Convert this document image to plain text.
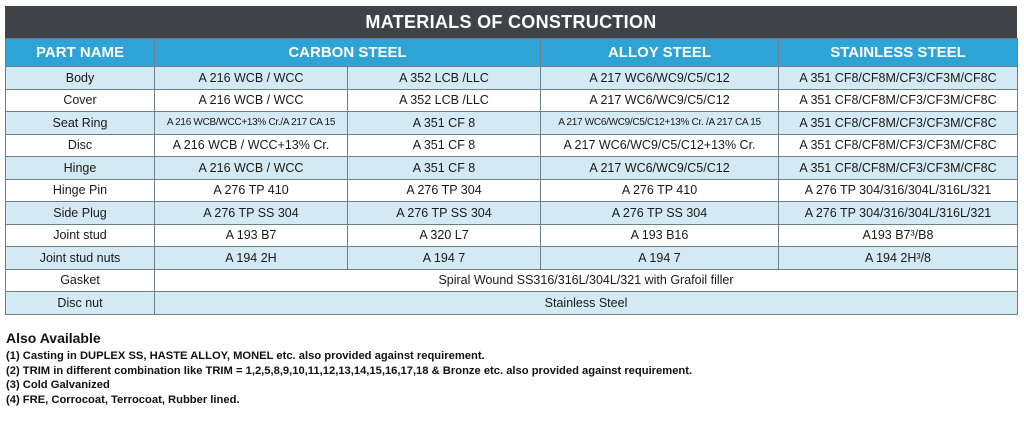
MATERIALS OF CONSTRUCTION
PART NAME	CARBON STEEL		ALLOY STEEL	STAINLESS STEEL
Body	A 216 WCB / WCC	A 352 LCB /LLC	A 217 WC6/WC9/C5/C12	A 351 CF8/CF8M/CF3/CF3M/CF8C
Cover	A 216 WCB / WCC	A 352 LCB /LLC	A 217 WC6/WC9/C5/C12	A 351 CF8/CF8M/CF3/CF3M/CF8C
Seat Ring	A 216 WCB/WCC+13% Cr./A 217 CA 15	A 351 CF 8	A 217 WC6/WC9/C5/C12+13% Cr. /A 217 CA 15	A 351 CF8/CF8M/CF3/CF3M/CF8C
Disc	A 216 WCB / WCC+13% Cr.	A 351 CF 8	A 217 WC6/WC9/C5/C12+13% Cr.	A 351 CF8/CF8M/CF3/CF3M/CF8C
Hinge	A 216 WCB / WCC	A 351 CF 8	A 217 WC6/WC9/C5/C12	A 351 CF8/CF8M/CF3/CF3M/CF8C
Hinge Pin	A 276 TP 410	A 276 TP 304	A 276 TP 410	A 276 TP 304/316/304L/316L/321
Side Plug	A 276 TP SS 304	A 276 TP SS 304	A 276 TP SS 304	A 276 TP 304/316/304L/316L/321
Joint stud	A 193 B7	A 320 L7	A 193 B16	A193 B7³/B8
Joint stud nuts	A 194 2H	A 194 7	A 194 7	A 194 2H³/8
Gasket	Spiral Wound SS316/316L/304L/321 with Grafoil filler			
Disc nut	Stainless Steel			
Also Available
(1) Casting in DUPLEX SS, HASTE ALLOY, MONEL etc. also provided against requirement.
(2) TRIM in different combination like TRIM = 1,2,5,8,9,10,11,12,13,14,15,16,17,18 & Bronze etc. also provided against requirement.
(3) Cold Galvanized
(4) FRE, Corrocoat, Terrocoat, Rubber lined.
